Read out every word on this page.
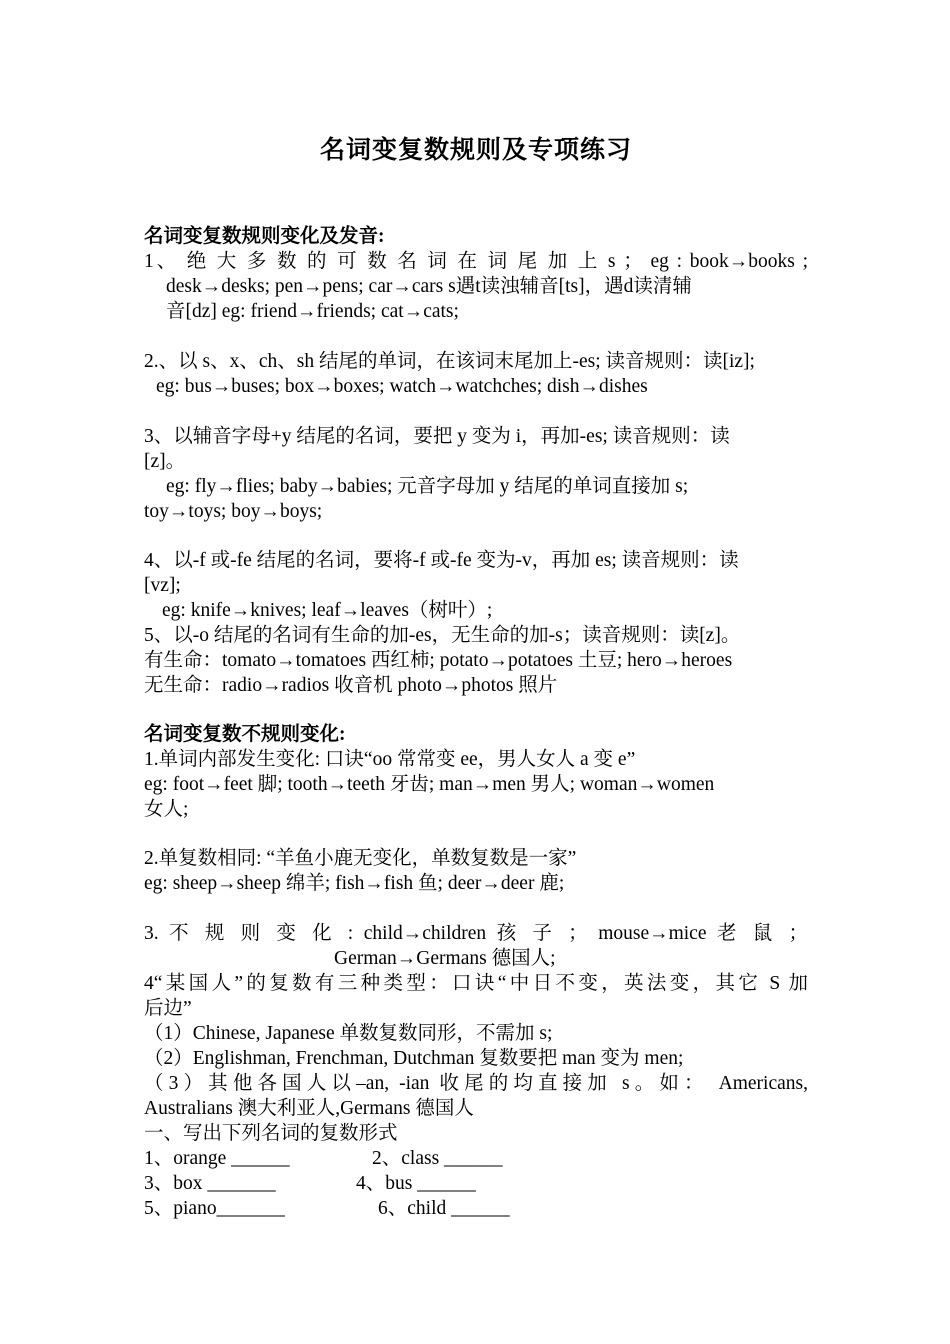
名词变复数规则及专项练习
名词变复数规则变化及发音:
1、 绝 大 多 数 的 可 数 名 词 在 词 尾 加 上 s ； eg : book→books ;
desk→desks; pen→pens; car→cars s遇t读浊辅音[ts]，遇d读清辅
音[dz] eg: friend→friends; cat→cats;
2.、以 s、x、ch、sh 结尾的单词，在该词末尾加上-es; 读音规则：读[iz];
eg: bus→buses; box→boxes; watch→watchches; dish→dishes
3、以辅音字母+y 结尾的名词，要把 y 变为 i，再加-es; 读音规则：读
[z]。
eg: fly→flies; baby→babies; 元音字母加 y 结尾的单词直接加 s;
toy→toys; boy→boys;
4、以-f 或-fe 结尾的名词，要将-f 或-fe 变为-v，再加 es; 读音规则：读
[vz];
eg: knife→knives; leaf→leaves（树叶）;
5、以-o 结尾的名词有生命的加-es，无生命的加-s；读音规则：读[z]。
有生命：tomato→tomatoes 西红柿; potato→potatoes 土豆; hero→heroes
无生命：radio→radios 收音机 photo→photos 照片
名词变复数不规则变化:
1.单词内部发生变化: 口诀“oo 常常变 ee，男人女人 a 变 e”
eg: foot→feet 脚; tooth→teeth 牙齿; man→men 男人; woman→women
女人;
2.单复数相同: “羊鱼小鹿无变化，单数复数是一家”
eg: sheep→sheep 绵羊; fish→fish 鱼; deer→deer 鹿;
3. 不 规 则 变 化 : child→children 孩 子 ； mouse→mice 老 鼠 ；
German→Germans 德国人;
4“某国人”的复数有三种类型：口诀“中日不变，英法变，其它 S 加
后边”
（1）Chinese, Japanese 单数复数同形，不需加 s;
（2）Englishman, Frenchman, Dutchman 复数要把 man 变为 men;
（3）其他各国人以–an, -ian 收尾的均直接加 s。如： Americans,
Australians 澳大利亚人,Germans 德国人
一、写出下列名词的复数形式
1、orange ______	2、class ______
3、box _______	4、bus ______
5、piano_______	6、child ______
